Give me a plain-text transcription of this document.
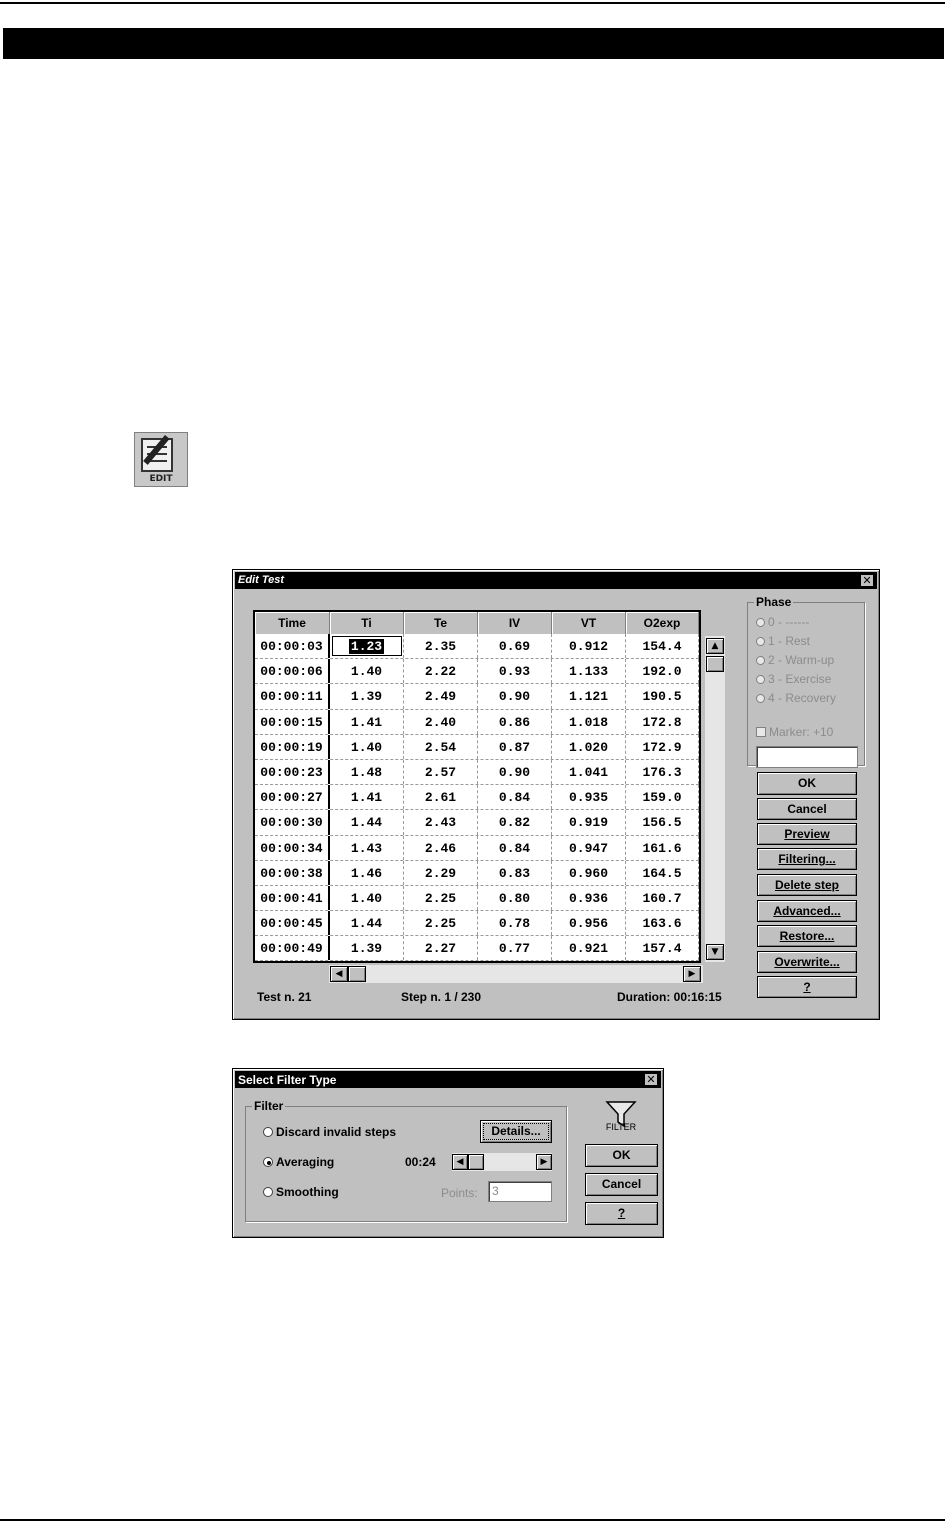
EDIT
Edit Test	✕
Time	Ti	Te	IV	VT	O2exp
00:00:03	1.23	2.35	0.69	0.912	154.4
00:00:06	1.40	2.22	0.93	1.133	192.0
00:00:11	1.39	2.49	0.90	1.121	190.5
00:00:15	1.41	2.40	0.86	1.018	172.8
00:00:19	1.40	2.54	0.87	1.020	172.9
00:00:23	1.48	2.57	0.90	1.041	176.3
00:00:27	1.41	2.61	0.84	0.935	159.0
00:00:30	1.44	2.43	0.82	0.919	156.5
00:00:34	1.43	2.46	0.84	0.947	161.6
00:00:38	1.46	2.29	0.83	0.960	164.5
00:00:41	1.40	2.25	0.80	0.936	160.7
00:00:45	1.44	2.25	0.78	0.956	163.6
00:00:49	1.39	2.27	0.77	0.921	157.4
▲
▼
◀	▶
Test n. 21	Step n. 1 / 230	Duration: 00:16:15
Phase
0 - ------
1 - Rest
2 - Warm-up
3 - Exercise
4 - Recovery
Marker: +10
OK
Cancel
Preview
Filtering...
Delete step
Advanced...
Restore...
Overwrite...
?
Select Filter Type	✕
Filter
Discard invalid steps	Details...
Averaging	00:24	◀	▶
Smoothing	Points:	3
FILTER
OK
Cancel
?
